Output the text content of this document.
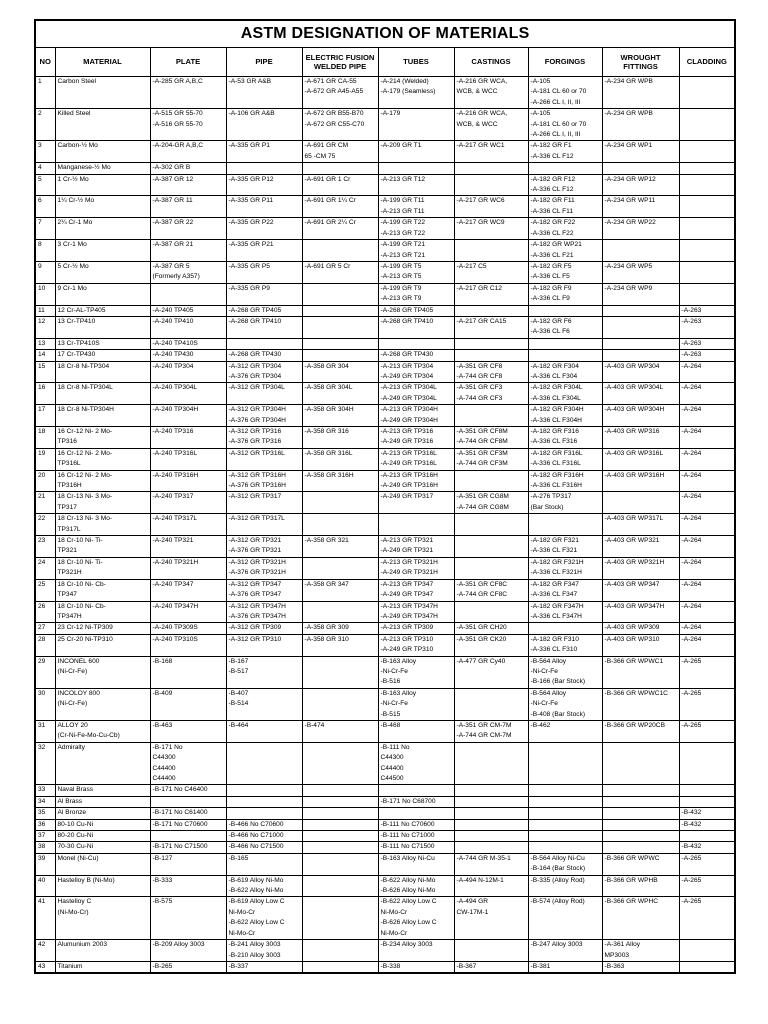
ASTM DESIGNATION OF MATERIALS									
NO	MATERIAL	PLATE	PIPE	ELECTRIC FUSION WELDED PIPE	TUBES	CASTINGS	FORGINGS	WROUGHT FITTINGS	CLADDING
1	Carbon Steel	-A-285 GR A,B,C	-A-53 GR A&B	-A-671 GR CA-55
-A-672 GR A45-A55	-A-214 (Welded)
-A-179 (Seamless)	-A-216 GR WCA,
WCB, & WCC	-A-105
-A-181 CL 60 or 70
-A-266 CL I, II, III	-A-234 GR WPB	

2	Killed Steel	-A-515 GR 55-70
-A-516 GR 55-70	-A-106 GR A&B	-A-672 GR B55-B70
-A-672 GR C55-C70	-A-179	-A-216 GR WCA,
WCB, & WCC	-A-105
-A-181 CL 60 or 70
-A-266 CL I, II, III	-A-234 GR WPB	

3	Carbon-½ Mo	-A-204-GR A,B,C	-A-335 GR P1	-A-691 GR CM
65 -CM 75	-A-209 GR T1	-A-217 GR WC1	-A-182 GR F1
-A-336 CL F12	-A-234 GR WP1	

4	Manganese-½ Mo	-A-302 GR B							

5	1 Cr-½ Mo	-A-387 GR 12	-A-335 GR P12	-A-691 GR 1 Cr	-A-213 GR T12		-A-182 GR F12
-A-336 CL F12	-A-234 GR WP12	

6	1¼ Cr-½ Mo	-A-387 GR 11	-A-335 GR P11	-A-691 GR 1¼ Cr	-A-199 GR T11
-A-213 GR T11	-A-217 GR WC6	-A-182 GR F11
-A-336 CL F11	-A-234 GR WP11	

7	2¼ Cr-1 Mo	-A-387 GR 22	-A-335 GR P22	-A-691 GR 2¼ Cr	-A-199 GR T22
-A-213 GR T22	-A-217 GR WC9	-A-182 GR F22
-A-336 CL F22	-A-234 GR WP22	

8	3 Cr-1 Mo	-A-387 GR 21	-A-335 GR P21		-A-199 GR T21
-A-213 GR T21		-A-182 GR WP21
-A-336 CL F21		

9	5 Cr-½ Mo	-A-387 GR 5
(Formerly A357)	-A-335 GR P5	-A-691 GR 5 Cr	-A-199 GR T5
-A-213 GR T5	-A-217 C5	-A-182 GR F5
-A-336 CL F5	-A-234 GR WP5	

10	9 Cr-1 Mo		-A-335 GR P9		-A-199 GR T9
-A-213 GR T9	-A-217 GR C12	-A-182 GR F9
-A-336 CL F9	-A-234 GR WP9	

11	12 Cr-AL-TP405	-A-240 TP405	-A-268 GR TP405		-A-268 GR TP405				-A-263

12	13 Cr-TP410	-A-240 TP410	-A-268 GR TP410		-A-268 GR TP410	-A-217 GR CA15	-A-182 GR F6
-A-336 CL F6		-A-263

13	13 Cr-TP410S	-A-240 TP410S							-A-263

14	17 Cr-TP430	-A-240 TP430	-A-268 GR TP430		-A-268 GR TP430				-A-263

15	18 Cr-8 Ni-TP304	-A-240 TP304	-A-312 GR TP304
-A-376 GR TP304	-A-358 GR 304	-A-213 GR TP304
-A-249 GR TP304	-A-351 GR CF8
-A-744 GR CF8	-A-182 GR F304
-A-336 CL F304	-A-403 GR WP304	-A-264

16	18 Cr-8 Ni-TP304L	-A-240 TP304L	-A-312 GR TP304L	-A-358 GR 304L	-A-213 GR TP304L
-A-249 GR TP304L	-A-351 GR CF3
-A-744 GR CF3	-A-182 GR F304L
-A-336 CL F304L	-A-403 GR WP304L	-A-264

17	18 Cr-8 Ni-TP304H	-A-240 TP304H	-A-312 GR TP304H
-A-376 GR TP304H	-A-358 GR 304H	-A-213 GR TP304H
-A-249 GR TP304H		-A-182 GR F304H
-A-336 CL F304H	-A-403 GR WP304H	-A-264

18	16 Cr-12 Ni- 2 Mo-
TP316	-A-240 TP316	-A-312 GR TP316
-A-376 GR TP316	-A-358 GR 316	-A-213 GR TP316
-A-249 GR TP316	-A-351 GR CF8M
-A-744 GR CF8M	-A-182 GR F316
-A-336 CL F316	-A-403 GR WP316	-A-264

19	16 Cr-12 Ni- 2 Mo-
TP316L	-A-240 TP316L	-A-312 GR TP316L	-A-358 GR 316L	-A-213 GR TP316L
-A-249 GR TP316L	-A-351 GR CF3M
-A-744 GR CF3M	-A-182 GR F316L
-A-336 CL F316L	-A-403 GR WP316L	-A-264

20	16 Cr-12 Ni- 2 Mo-
TP316H	-A-240 TP316H	-A-312 GR TP316H
-A-376 GR TP316H	-A-358 GR 316H	-A-213 GR TP316H
-A-249 GR TP316H		-A-182 GR F316H
-A-336 CL F316H	-A-403 GR WP316H	-A-264

21	18 Cr-13 Ni- 3 Mo-
TP317	-A-240 TP317	-A-312 GR TP317		-A-249 GR TP317	-A-351 GR CG8M
-A-744 GR CG8M	-A-276 TP317
(Bar Stock)		-A-264

22	18 Cr-13 Ni- 3 Mo-
TP317L	-A-240 TP317L	-A-312 GR TP317L					-A-403 GR WP317L	-A-264

23	18 Cr-10 Ni- Ti-
TP321	-A-240 TP321	-A-312 GR TP321
-A-376 GR TP321	-A-358 GR 321	-A-213 GR TP321
-A-249 GR TP321		-A-182 GR F321
-A-336 CL F321	-A-403 GR WP321	-A-264

24	18 Cr-10 Ni- Ti-
TP321H	-A-240 TP321H	-A-312 GR TP321H
-A-376 GR TP321H		-A-213 GR TP321H
-A-249 GR TP321H		-A-182 GR F321H
-A-336 CL F321H	-A-403 GR WP321H	-A-264

25	18 Cr-10 Ni- Cb-
TP347	-A-240 TP347	-A-312 GR TP347
-A-376 GR TP347	-A-358 GR 347	-A-213 GR TP347
-A-249 GR TP347	-A-351 GR CF8C
-A-744 GR CF8C	-A-182 GR F347
-A-336 CL F347	-A-403 GR WP347	-A-264

26	18 Cr-10 Ni- Cb-
TP347H	-A-240 TP347H	-A-312 GR TP347H
-A-376 GR TP347H		-A-213 GR TP347H
-A-249 GR TP347H		-A-182 GR F347H
-A-336 CL F347H	-A-403 GR WP347H	-A-264

27	23 Cr-12 Ni-TP309	-A-240 TP309S	-A-312 GR TP309	-A-358 GR 309	-A-213 GR TP309	-A-351 GR CH20		-A-403 GR WP309	-A-264

28	25 Cr-20 Ni-TP310	-A-240 TP310S	-A-312 GR TP310	-A-358 GR 310	-A-213 GR TP310
-A-249 GR TP310	-A-351 GR CK20	-A-182 GR F310
-A-336 CL F310	-A-403 GR WP310	-A-264

29	INCONEL 600
(Ni-Cr-Fe)	-B-168	-B-167
-B-517		-B-163 Alloy
-Ni-Cr-Fe
-B-516	-A-477 GR Cy40	-B-564 Alloy
-Ni-Cr-Fe
-B-166 (Bar Stock)	-B-366 GR WPWC1	-A-265

30	INCOLOY 800
(Ni-Cr-Fe)	-B-409	-B-407
-B-514		-B-163 Alloy
-Ni-Cr-Fe
-B-515		-B-564 Alloy
-Ni-Cr-Fe
-B-408 (Bar Stock)	-B-366 GR WPWC1C	-A-265

31	ALLOY 20
(Cr-Ni-Fe-Mo-Cu-Cb)	-B-463	-B-464	-B-474	-B-468	-A-351 GR CM-7M
-A-744 GR CM-7M	-B-462	-B-366 GR WP20CB	-A-265

32	Admiralty	-B-171 No
C44300
C44400
C44400			-B-111 No
C44300
C44400
C44500				

33	Naval Brass	-B-171 No C46400							

34	Al Brass				-B-171 No C68700				

35	Al Bronze	-B-171 No C61400							-B-432

36	80-10 Cu-Ni	-B-171 No C70600	-B-466 No C70600		-B-111 No C70600				-B-432

37	80-20 Cu-Ni		-B-466 No C71000		-B-111 No C71000				

38	70-30 Cu-Ni	-B-171 No C71500	-B-466 No C71500		-B-111 No C71500				-B-432

39	Monel (Ni-Cu)	-B-127	-B-165		-B-163 Alloy Ni-Cu	-A-744 GR M-35-1	-B-564 Alloy Ni-Cu
-B-164 (Bar Stock)	-B-366 GR WPWC	-A-265

40	Hastelloy B (Ni-Mo)	-B-333	-B-619 Alloy Ni-Mo
-B-622 Alloy Ni-Mo		-B-622 Alloy Ni-Mo
-B-626 Alloy Ni-Mo	-A-494 N-12M-1	-B-335 (Alloy Rod)	-B-366 GR WPHB	-A-265

41	Hastelloy C
(Ni-Mo-Cr)	-B-575	-B-619 Alloy Low C
Ni-Mo-Cr
-B-622 Alloy Low C
Ni-Mo-Cr		-B-622 Alloy Low C
Ni-Mo-Cr
-B-626 Alloy Low C
Ni-Mo-Cr	-A-494 GR
CW-17M-1	-B-574 (Alloy Rod)	-B-366 GR WPHC	-A-265

42	Alumunium 2003	-B-209 Alloy 3003	-B-241 Alloy 3003
-B-210 Alloy 3003		-B-234 Alloy 3003		-B-247 Alloy 3003	-A-361 Alloy
MP3003	

43	Titanium	-B-265	-B-337		-B-338	-B-367	-B-381	-B-363	
